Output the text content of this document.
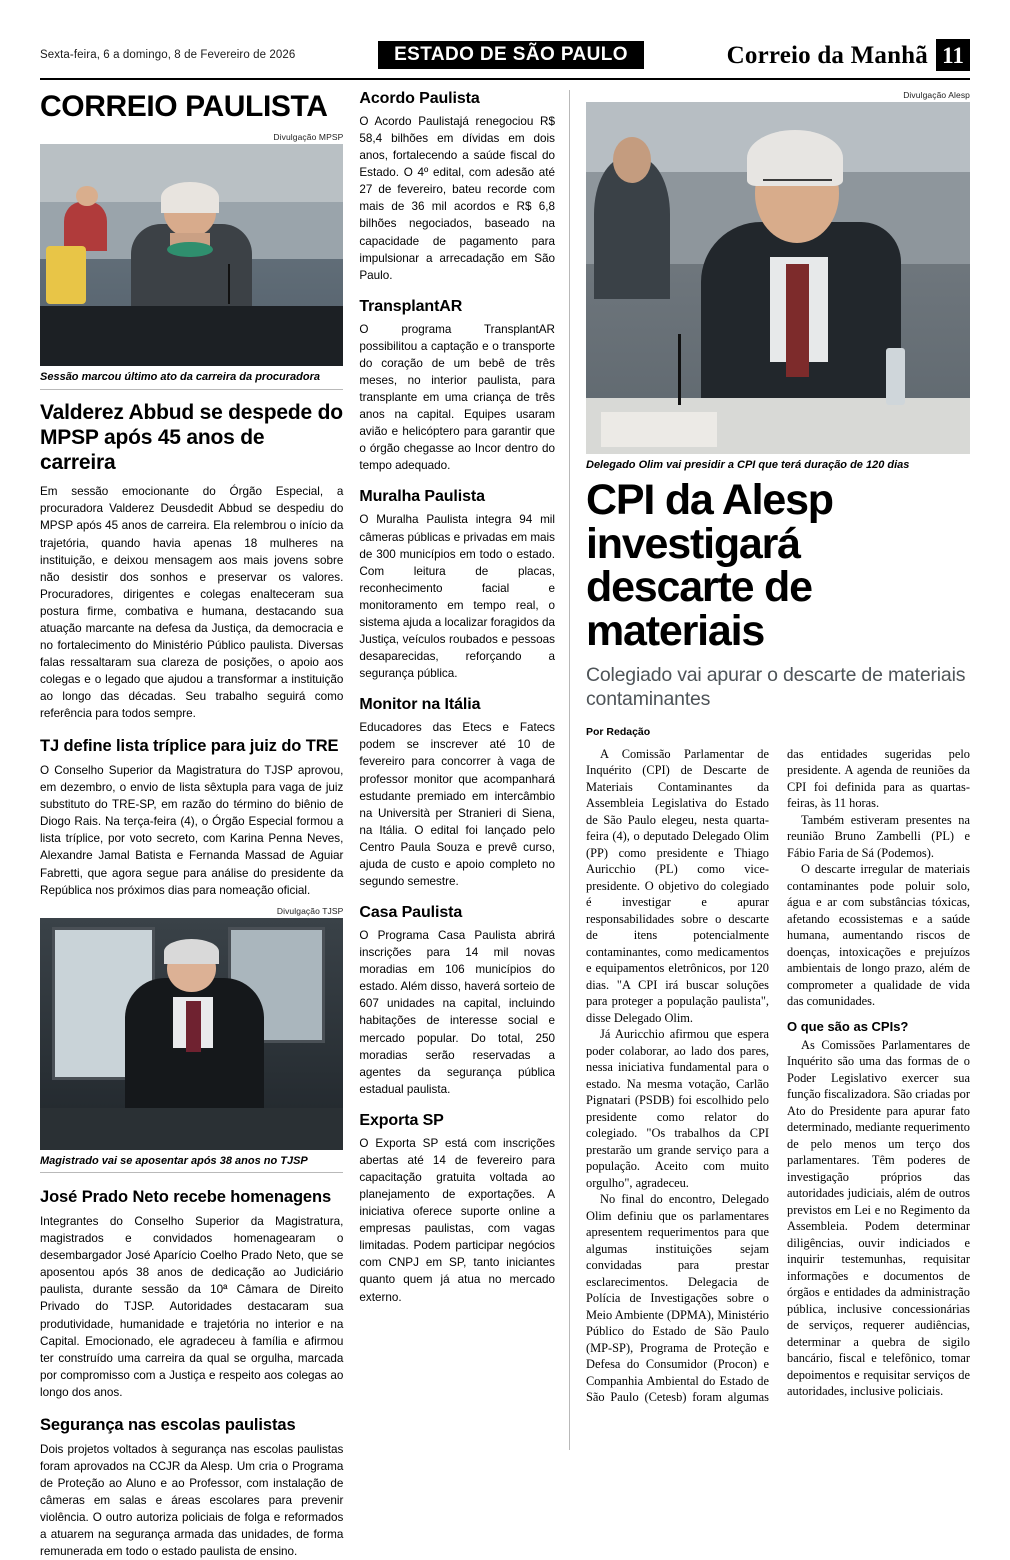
Sexta-feira, 6 a domingo, 8 de Fevereiro de 2026	ESTADO DE SÃO PAULO	Correio da Manhã 11
CORREIO PAULISTA
Divulgação MPSP
Sessão marcou último ato da carreira da procuradora
Valderez Abbud se despede do MPSP após 45 anos de carreira

Em sessão emocionante do Órgão Especial, a procuradora Valderez Deusdedit Abbud se despediu do MPSP após 45 anos de carreira. Ela relembrou o início da trajetória, quando havia apenas 18 mulheres na instituição, e deixou mensagem aos mais jovens sobre não desistir dos sonhos e preservar os valores. Procuradores, dirigentes e colegas enalteceram sua postura firme, combativa e humana, destacando sua atuação marcante na defesa da Justiça, da democracia e no fortalecimento do Ministério Público paulista. Diversas falas ressaltaram sua clareza de posições, o apoio aos colegas e o legado que ajudou a transformar a instituição ao longo das décadas. Seu trabalho seguirá como referência para todos sempre.

TJ define lista tríplice para juiz do TRE

O Conselho Superior da Magistratura do TJSP aprovou, em dezembro, o envio de lista sêxtupla para vaga de juiz substituto do TRE-SP, em razão do término do biênio de Diogo Rais. Na terça-feira (4), o Órgão Especial formou a lista tríplice, por voto secreto, com Karina Penna Neves, Alexandre Jamal Batista e Fernanda Massad de Aguiar Fabretti, que agora segue para análise do presidente da República nos próximos dias para nomeação oficial.

Divulgação TJSP
Magistrado vai se aposentar após 38 anos no TJSP
José Prado Neto recebe homenagens

Integrantes do Conselho Superior da Magistratura, magistrados e convidados homenagearam o desembargador José Aparício Coelho Prado Neto, que se aposentou após 38 anos de dedicação ao Judiciário paulista, durante sessão da 10ª Câmara de Direito Privado do TJSP. Autoridades destacaram sua produtividade, humanidade e trajetória no interior e na Capital. Emocionado, ele agradeceu à família e afirmou ter construído uma carreira da qual se orgulha, marcada por compromisso com a Justiça e respeito aos colegas ao longo dos anos.

Segurança nas escolas paulistas

Dois projetos voltados à segurança nas escolas paulistas foram aprovados na CCJR da Alesp. Um cria o Programa de Proteção ao Aluno e ao Professor, com instalação de câmeras em salas e áreas escolares para prevenir violência. O outro autoriza policiais de folga e reformados a atuarem na segurança armada das unidades, de forma remunerada em todo o estado paulista de ensino.

Acordo Paulista

O Acordo Paulistajá renegociou R$ 58,4 bilhões em dívidas em dois anos, fortalecendo a saúde fiscal do Estado. O 4º edital, com adesão até 27 de fevereiro, bateu recorde com mais de 36 mil acordos e R$ 6,8 bilhões negociados, baseado na capacidade de pagamento para impulsionar a arrecadação em São Paulo.

TransplantAR

O programa TransplantAR possibilitou a captação e o transporte do coração de um bebê de três meses, no interior paulista, para transplante em uma criança de três anos na capital. Equipes usaram avião e helicóptero para garantir que o órgão chegasse ao Incor dentro do tempo adequado.

Muralha Paulista

O Muralha Paulista integra 94 mil câmeras públicas e privadas em mais de 300 municípios em todo o estado. Com leitura de placas, reconhecimento facial e monitoramento em tempo real, o sistema ajuda a localizar foragidos da Justiça, veículos roubados e pessoas desaparecidas, reforçando a segurança pública.

Monitor na Itália

Educadores das Etecs e Fatecs podem se inscrever até 10 de fevereiro para concorrer à vaga de professor monitor que acompanhará estudante premiado em intercâmbio na Università per Stranieri di Siena, na Itália. O edital foi lançado pelo Centro Paula Souza e prevê curso, ajuda de custo e apoio completo no segundo semestre.

Casa Paulista

O Programa Casa Paulista abrirá inscrições para 14 mil novas moradias em 106 municípios do estado. Além disso, haverá sorteio de 607 unidades na capital, incluindo habitações de interesse social e mercado popular. Do total, 250 moradias serão reservadas a agentes da segurança pública estadual paulista.

Exporta SP

O Exporta SP está com inscrições abertas até 14 de fevereiro para capacitação gratuita voltada ao planejamento de exportações. A iniciativa oferece suporte online a empresas paulistas, com vagas limitadas. Podem participar negócios com CNPJ em SP, tanto iniciantes quanto quem já atua no mercado externo.

Divulgação Alesp
Delegado Olim vai presidir a CPI que terá duração de 120 dias
CPI da Alesp investigará descarte de materiais
Colegiado vai apurar o descarte de materiais contaminantes
Por Redação

A Comissão Parlamentar de Inquérito (CPI) de Descarte de Materiais Contaminantes da Assembleia Legislativa do Estado de São Paulo elegeu, nesta quarta-feira (4), o deputado Delegado Olim (PP) como presidente e Thiago Auricchio (PL) como vice-presidente. O objetivo do colegiado é investigar e apurar responsabilidades sobre o descarte de itens potencialmente contaminantes, como medicamentos e equipamentos eletrônicos, por 120 dias. "A CPI irá buscar soluções para proteger a população paulista", disse Delegado Olim.

Já Auricchio afirmou que espera poder colaborar, ao lado dos pares, nessa iniciativa fundamental para o estado. Na mesma votação, Carlão Pignatari (PSDB) foi escolhido pelo presidente como relator do colegiado. "Os trabalhos da CPI prestarão um grande serviço para a população. Aceito com muito orgulho", agradeceu.

No final do encontro, Delegado Olim definiu que os parlamentares apresentem requerimentos para que algumas instituições sejam convidadas para prestar esclarecimentos. Delegacia de Polícia de Investigações sobre o Meio Ambiente (DPMA), Ministério Público do Estado de São Paulo (MP-SP), Programa de Proteção e Defesa do Consumidor (Procon) e Companhia Ambiental do Estado de São Paulo (Cetesb) foram algumas das entidades sugeridas pelo presidente. A agenda de reuniões da CPI foi definida para as quartas-feiras, às 11 horas.

Também estiveram presentes na reunião Bruno Zambelli (PL) e Fábio Faria de Sá (Podemos).

O descarte irregular de materiais contaminantes pode poluir solo, água e ar com substâncias tóxicas, afetando ecossistemas e a saúde humana, aumentando riscos de doenças, intoxicações e prejuízos ambientais de longo prazo, além de comprometer a qualidade de vida das comunidades.

O que são as CPIs?

As Comissões Parlamentares de Inquérito são uma das formas de o Poder Legislativo exercer sua função fiscalizadora. São criadas por Ato do Presidente para apurar fato determinado, mediante requerimento de pelo menos um terço dos parlamentares. Têm poderes de investigação próprios das autoridades judiciais, além de outros previstos em Lei e no Regimento da Assembleia. Podem determinar diligências, ouvir indiciados e inquirir testemunhas, requisitar informações e documentos de órgãos e entidades da administração pública, inclusive concessionárias de serviços, requerer audiências, determinar a quebra de sigilo bancário, fiscal e telefônico, tomar depoimentos e requisitar serviços de autoridades, inclusive policiais.
